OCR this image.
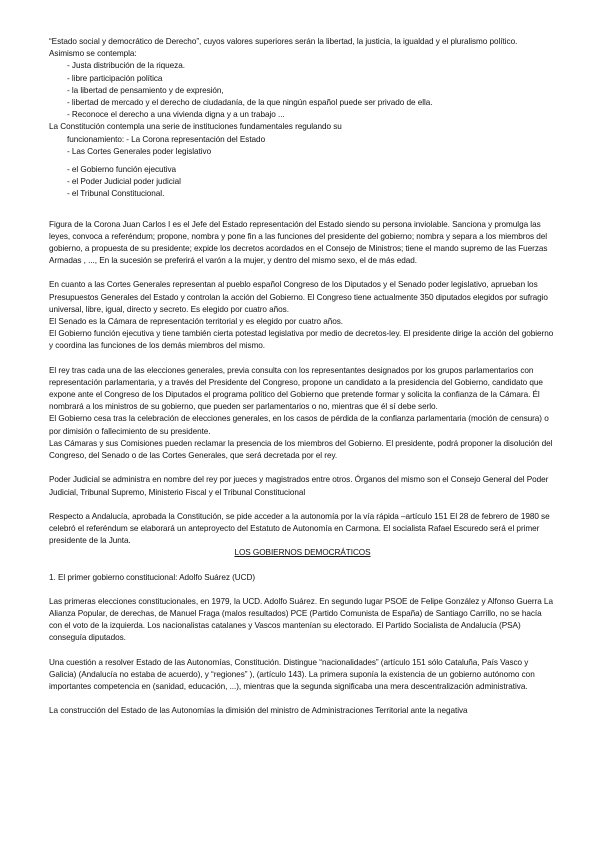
“Estado social y democrático de Derecho”, cuyos valores superiores serán la libertad, la justicia, la igualdad y el pluralismo político.

Asimismo se contempla:

- Justa distribución de la riqueza.

- libre participación política

- la libertad de pensamiento y de expresión,

- libertad de mercado y el derecho de ciudadanía, de la que ningún español puede ser privado de ella.

- Reconoce el derecho a una vivienda digna y a un trabajo ...

La Constitución contempla una serie de instituciones fundamentales regulando su

funcionamiento: - La Corona representación del Estado

- Las Cortes Generales poder legislativo

- el Gobierno función ejecutiva

- el Poder Judicial poder judicial

- el Tribunal Constitucional.

Figura de la Corona Juan Carlos I es el Jefe del Estado representación del Estado siendo su persona inviolable. Sanciona y promulga las leyes, convoca a referéndum; propone, nombra y pone fin a las funciones del presidente del gobierno; nombra y separa a los miembros del gobierno, a propuesta de su presidente; expide los decretos acordados en el Consejo de Ministros; tiene el mando supremo de las Fuerzas Armadas , ..., En la sucesión se preferirá el varón a la mujer, y dentro del mismo sexo, el de más edad.

En cuanto a las Cortes Generales representan al pueblo español Congreso de los Diputados y el Senado poder legislativo, aprueban los Presupuestos Generales del Estado y controlan la acción del Gobierno. El Congreso tiene actualmente 350 diputados elegidos por sufragio universal, libre, igual, directo y secreto. Es elegido por cuatro años.

El Senado es la Cámara de representación territorial y es elegido por cuatro años.

El Gobierno función ejecutiva y tiene también cierta potestad legislativa por medio de decretos-ley. El presidente dirige la acción del gobierno y coordina las funciones de los demás miembros del mismo.

El rey tras cada una de las elecciones generales, previa consulta con los representantes designados por los grupos parlamentarios con representación parlamentaria, y a través del Presidente del Congreso, propone un candidato a la presidencia del Gobierno, candidato que expone ante el Congreso de los Diputados el programa político del Gobierno que pretende formar y solicita la confianza de la Cámara. Él nombrará a los ministros de su gobierno, que pueden ser parlamentarios o no, mientras que él sí debe serlo.

El Gobierno cesa tras la celebración de elecciones generales, en los casos de pérdida de la confianza parlamentaria (moción de censura) o por dimisión o fallecimiento de su presidente.

Las Cámaras y sus Comisiones pueden reclamar la presencia de los miembros del Gobierno. El presidente, podrá proponer la disolución del Congreso, del Senado o de las Cortes Generales, que será decretada por el rey.

Poder Judicial se administra en nombre del rey por jueces y magistrados entre otros. Órganos del mismo son el Consejo General del Poder Judicial, Tribunal Supremo, Ministerio Fiscal y el Tribunal Constitucional

Respecto a Andalucía, aprobada la Constitución, se pide acceder a la autonomía por la vía rápida –artículo 151 El 28 de febrero de 1980 se celebró el referéndum se elaborará un anteproyecto del Estatuto de Autonomía en Carmona. El socialista Rafael Escuredo será el primer presidente de la Junta.

LOS GOBIERNOS DEMOCRÁTICOS

1. El primer gobierno constitucional: Adolfo Suárez (UCD)

Las primeras elecciones constitucionales, en 1979, la UCD. Adolfo Suárez. En segundo lugar PSOE de Felipe González y Alfonso Guerra La Alianza Popular, de derechas, de Manuel Fraga (malos resultados) PCE (Partido Comunista de España) de Santiago Carrillo, no se hacía con el voto de la izquierda. Los nacionalistas catalanes y Vascos mantenían su electorado. El Partido Socialista de Andalucía (PSA) conseguía diputados.

Una cuestión a resolver Estado de las Autonomías, Constitución. Distingue “nacionalidades” (artículo 151 sólo Cataluña, País Vasco y Galicia) (Andalucía no estaba de acuerdo), y “regiones” ), (artículo 143). La primera suponía la existencia de un gobierno autónomo con importantes competencia en (sanidad, educación, ...), mientras que la segunda significaba una mera descentralización administrativa.

La construcción del Estado de las Autonomías la dimisión del ministro de Administraciones Territorial ante la negativa
